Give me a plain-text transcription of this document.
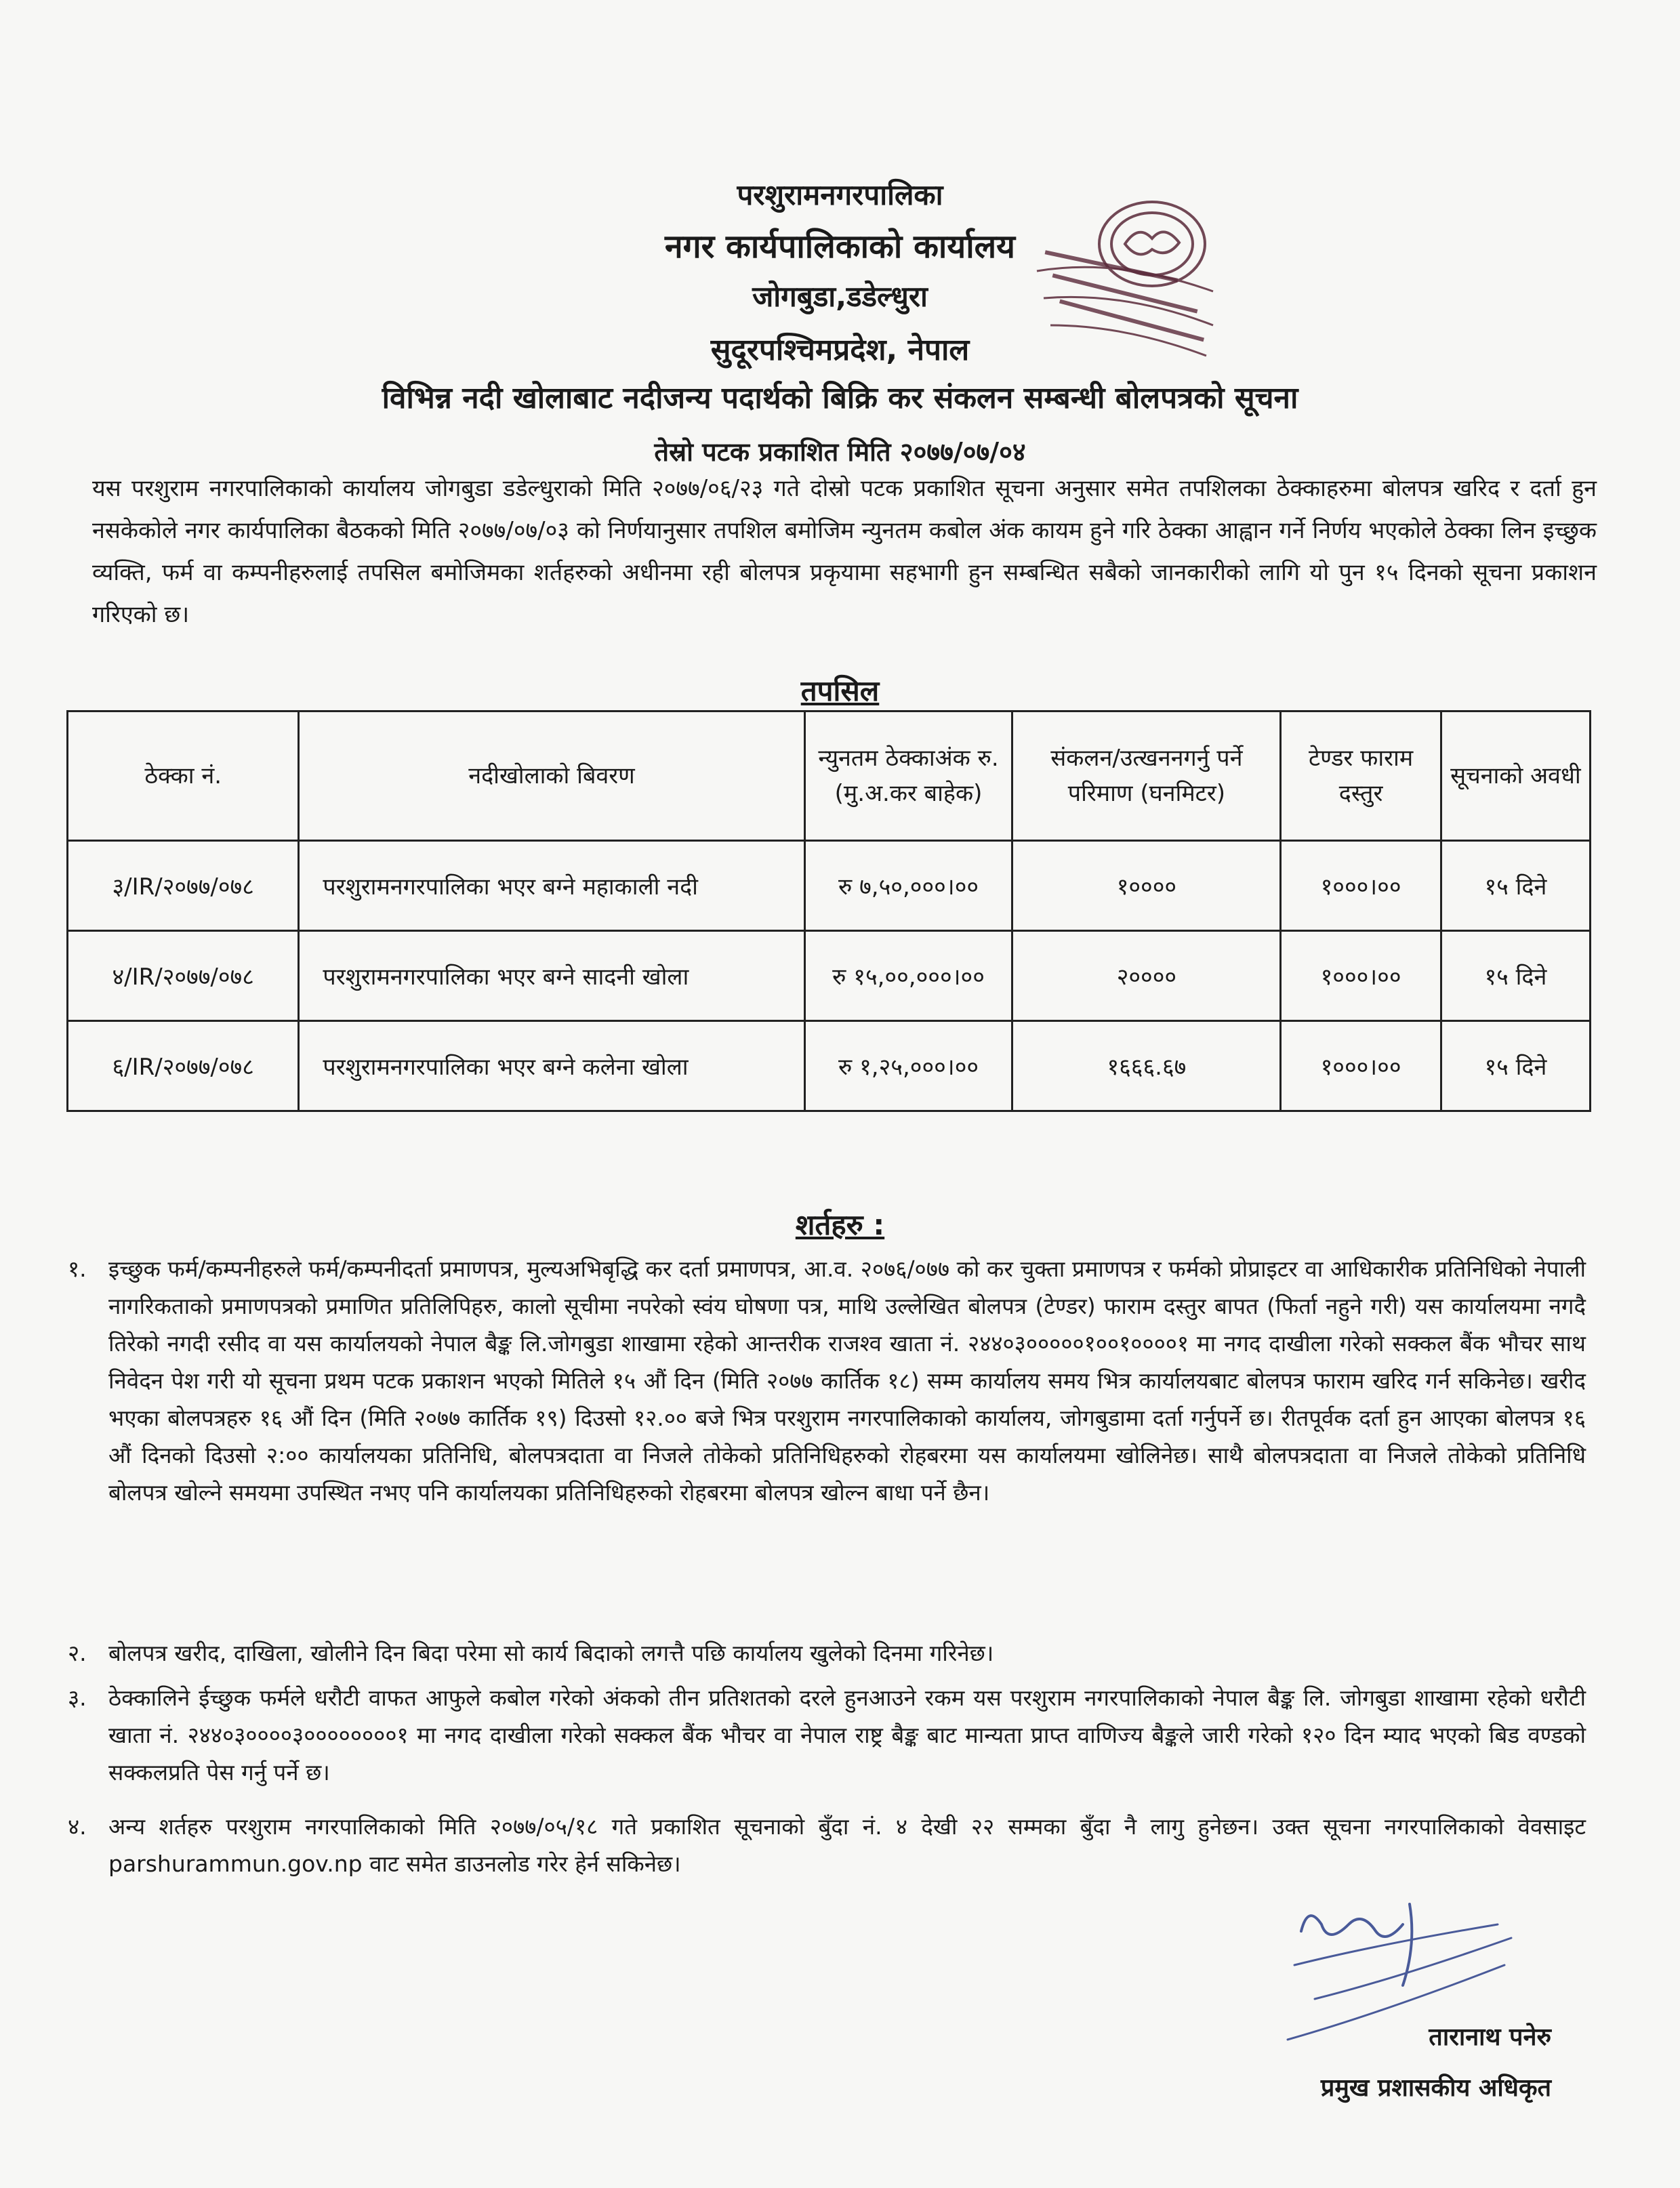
परशुरामनगरपालिका
नगर कार्यपालिकाको कार्यालय
जोगबुडा,डडेल्धुरा
सुदूरपश्चिमप्रदेश, नेपाल
विभिन्न नदी खोलाबाट नदीजन्य पदार्थको बिक्रि कर संकलन सम्बन्धी बोलपत्रको सूचना
तेस्रो पटक प्रकाशित मिति २०७७/०७/०४
यस परशुराम नगरपालिकाको कार्यालय जोगबुडा डडेल्धुराको मिति २०७७/०६/२३ गते दोस्रो पटक प्रकाशित सूचना अनुसार समेत तपशिलका ठेक्काहरुमा बोलपत्र खरिद र दर्ता हुन नसकेकोले नगर कार्यपालिका बैठकको मिति २०७७/०७/०३ को निर्णयानुसार तपशिल बमोजिम न्युनतम कबोल अंक कायम हुने गरि ठेक्का आह्वान गर्ने निर्णय भएकोले ठेक्का लिन इच्छुक व्यक्ति, फर्म वा कम्पनीहरुलाई तपसिल बमोजिमका शर्तहरुको अधीनमा रही बोलपत्र प्रकृयामा सहभागी हुन सम्बन्धित सबैको जानकारीको लागि यो पुन १५ दिनको सूचना प्रकाशन गरिएको छ।
तपसिल
ठेक्का नं.	नदीखोलाको बिवरण	न्युनतम ठेक्काअंक रु. (मु.अ.कर बाहेक)	संकलन/उत्खननगर्नु पर्ने परिमाण (घनमिटर)	टेण्डर फाराम दस्तुर	सूचनाको अवधी
३/IR/२०७७/०७८	परशुरामनगरपालिका भएर बग्ने महाकाली नदी	रु ७,५०,०००।००	१००००	१०००।००	१५ दिने
४/IR/२०७७/०७८	परशुरामनगरपालिका भएर बग्ने सादनी खोला	रु १५,००,०००।००	२००००	१०००।००	१५ दिने
६/IR/२०७७/०७८	परशुरामनगरपालिका भएर बग्ने कलेना खोला	रु १,२५,०००।००	१६६६.६७	१०००।००	१५ दिने
शर्तहरु :
१. इच्छुक फर्म/कम्पनीहरुले फर्म/कम्पनीदर्ता प्रमाणपत्र, मुल्यअभिबृद्धि कर दर्ता प्रमाणपत्र, आ.व. २०७६/०७७ को कर चुक्ता प्रमाणपत्र र फर्मको प्रोप्राइटर वा आधिकारीक प्रतिनिधिको नेपाली नागरिकताको प्रमाणपत्रको प्रमाणित प्रतिलिपिहरु, कालो सूचीमा नपरेको स्वंय घोषणा पत्र, माथि उल्लेखित बोलपत्र (टेण्डर) फाराम दस्तुर बापत (फिर्ता नहुने गरी) यस कार्यालयमा नगदै तिरेको नगदी रसीद वा यस कार्यालयको नेपाल बैङ्क लि.जोगबुडा शाखामा रहेको आन्तरीक राजश्व खाता नं. २४४०३०००००१००१००००१ मा नगद दाखीला गरेको सक्कल बैंक भौचर साथ निवेदन पेश गरी यो सूचना प्रथम पटक प्रकाशन भएको मितिले १५ औं दिन (मिति २०७७ कार्तिक १८) सम्म कार्यालय समय भित्र कार्यालयबाट बोलपत्र फाराम खरिद गर्न सकिनेछ। खरीद भएका बोलपत्रहरु १६ औं दिन (मिति २०७७ कार्तिक १९) दिउसो १२.०० बजे भित्र परशुराम नगरपालिकाको कार्यालय, जोगबुडामा दर्ता गर्नुपर्ने छ। रीतपूर्वक दर्ता हुन आएका बोलपत्र १६ औं दिनको दिउसो २:०० कार्यालयका प्रतिनिधि, बोलपत्रदाता वा निजले तोकेको प्रतिनिधिहरुको रोहबरमा यस कार्यालयमा खोलिनेछ। साथै बोलपत्रदाता वा निजले तोकेको प्रतिनिधि बोलपत्र खोल्ने समयमा उपस्थित नभए पनि कार्यालयका प्रतिनिधिहरुको रोहबरमा बोलपत्र खोल्न बाधा पर्ने छैन।
२. बोलपत्र खरीद, दाखिला, खोलीने दिन बिदा परेमा सो कार्य बिदाको लगत्तै पछि कार्यालय खुलेको दिनमा गरिनेछ।
३. ठेक्कालिने ईच्छुक फर्मले धरौटी वाफत आफुले कबोल गरेको अंकको तीन प्रतिशतको दरले हुनआउने रकम यस परशुराम नगरपालिकाको नेपाल बैङ्क लि. जोगबुडा शाखामा रहेको धरौटी खाता नं. २४४०३००००३००००००००१ मा नगद दाखीला गरेको सक्कल बैंक भौचर वा नेपाल राष्ट्र बैङ्क बाट मान्यता प्राप्त वाणिज्य बैङ्कले जारी गरेको १२० दिन म्याद भएको बिड वण्डको सक्कलप्रति पेस गर्नु पर्ने छ।
४. अन्य शर्तहरु परशुराम नगरपालिकाको मिति २०७७/०५/१८ गते प्रकाशित सूचनाको बुँदा नं. ४ देखी २२ सम्मका बुँदा नै लागु हुनेछन। उक्त सूचना नगरपालिकाको वेवसाइट parshurammun.gov.np वाट समेत डाउनलोड गरेर हेर्न सकिनेछ।
तारानाथ पनेरु
प्रमुख प्रशासकीय अधिकृत
